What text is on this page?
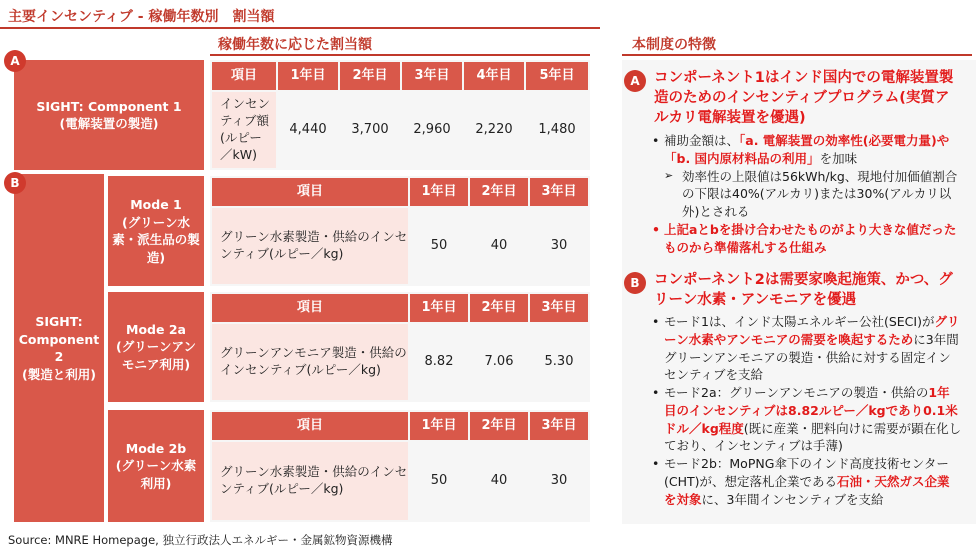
主要インセンティブ - 稼働年数別　割当額
稼働年数に応じた割当額	本制度の特徴
SIGHT: Component 1
(電解装置の製造)
A
項目	1年目	2年目	3年目	4年目	5年目
インセンティブ額
(ルピー
／kW)
4,440	3,700	2,960	2,220	1,480
SIGHT:
Component 2
(製造と利用)
B
Mode 1
(グリーン水素・派生品の製造)
項目	1年目	2年目	3年目
グリーン水素製造・供給のインセンティブ(ルピー／kg)
50	40	30
Mode 2a
(グリーンアンモニア利用)
項目	1年目	2年目	3年目
グリーンアンモニア製造・供給のインセンティブ(ルピー／kg)
8.82	7.06	5.30
Mode 2b
(グリーン水素利用)
項目	1年目	2年目	3年目
グリーン水素製造・供給のインセンティブ(ルピー／kg)
50	40	30
A コンポーネント1はインド国内での電解装置製造のためのインセンティブプログラム(実質アルカリ電解装置を優遇)
• 補助金額は、「a. 電解装置の効率性(必要電力量)や「b. 国内原材料品の利用」を加味
➢ 効率性の上限値は56kWh/kg、現地付加価値割合の下限は40%(アルカリ)または30%(アルカリ以外)とされる
• 上記aとbを掛け合わせたものがより大きな値だったものから準備落札する仕組み
B コンポーネント2は需要家喚起施策、かつ、グリーン水素・アンモニアを優遇
• モード1は、インド太陽エネルギー公社(SECI)がグリーン水素やアンモニアの需要を喚起するために3年間グリーンアンモニアの製造・供給に対する固定インセンティブを支給
• モード2a：グリーンアンモニアの製造・供給の1年目のインセンティブは8.82ルピー／kgであり0.1米ドル／kg程度(既に産業・肥料向けに需要が顕在化しており、インセンティブは手薄)
• モード2b：MoPNG傘下のインド高度技術センター(CHT)が、想定落札企業である石油・天然ガス企業を対象に、3年間インセンティブを支給
Source: MNRE Homepage, 独立行政法人エネルギー・金属鉱物資源機構
